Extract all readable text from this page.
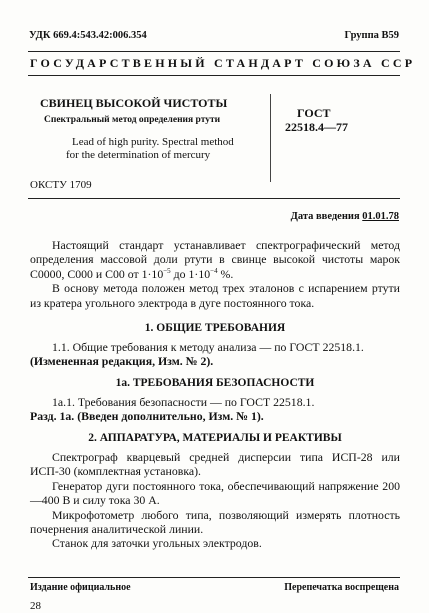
УДК 669.4:543.42:006.354	Группа В59
ГОСУДАРСТВЕННЫЙ СТАНДАРТ СОЮЗА ССР
СВИНЕЦ ВЫСОКОЙ ЧИСТОТЫ
Спектральный метод определения ртути
Lead of high purity. Spectral method
for the determination of mercury
ГОСТ
22518.4—77
ОКСТУ 1709
Дата введения 01.01.78

Настоящий стандарт устанавливает спектрографический метод определения массовой доли ртути в свинце высокой чистоты марок С0000, С000 и С00 от $1\cdot 10^{-5}$ до $1\cdot 10^{-4}$ %.

В основу метода положен метод трех эталонов с испарением ртути из кратера угольного электрода в дуге постоянного тока.

1. ОБЩИЕ ТРЕБОВАНИЯ

1.1. Общие требования к методу анализа — по ГОСТ 22518.1.

(Измененная редакция, Изм. № 2).

1а. ТРЕБОВАНИЯ БЕЗОПАСНОСТИ

1а.1. Требования безопасности — по ГОСТ 22518.1.

Разд. 1а. (Введен дополнительно, Изм. № 1).

2. АППАРАТУРА, МАТЕРИАЛЫ И РЕАКТИВЫ

Спектрограф кварцевый средней дисперсии типа ИСП-28 или ИСП-30 (комплектная установка).

Генератор дуги постоянного тока, обеспечивающий напряжение 200—400 В и силу тока 30 А.

Микрофотометр любого типа, позволяющий измерять плотность почернения аналитической линии.

Станок для заточки угольных электродов.

Издание официальное	Перепечатка воспрещена
28
